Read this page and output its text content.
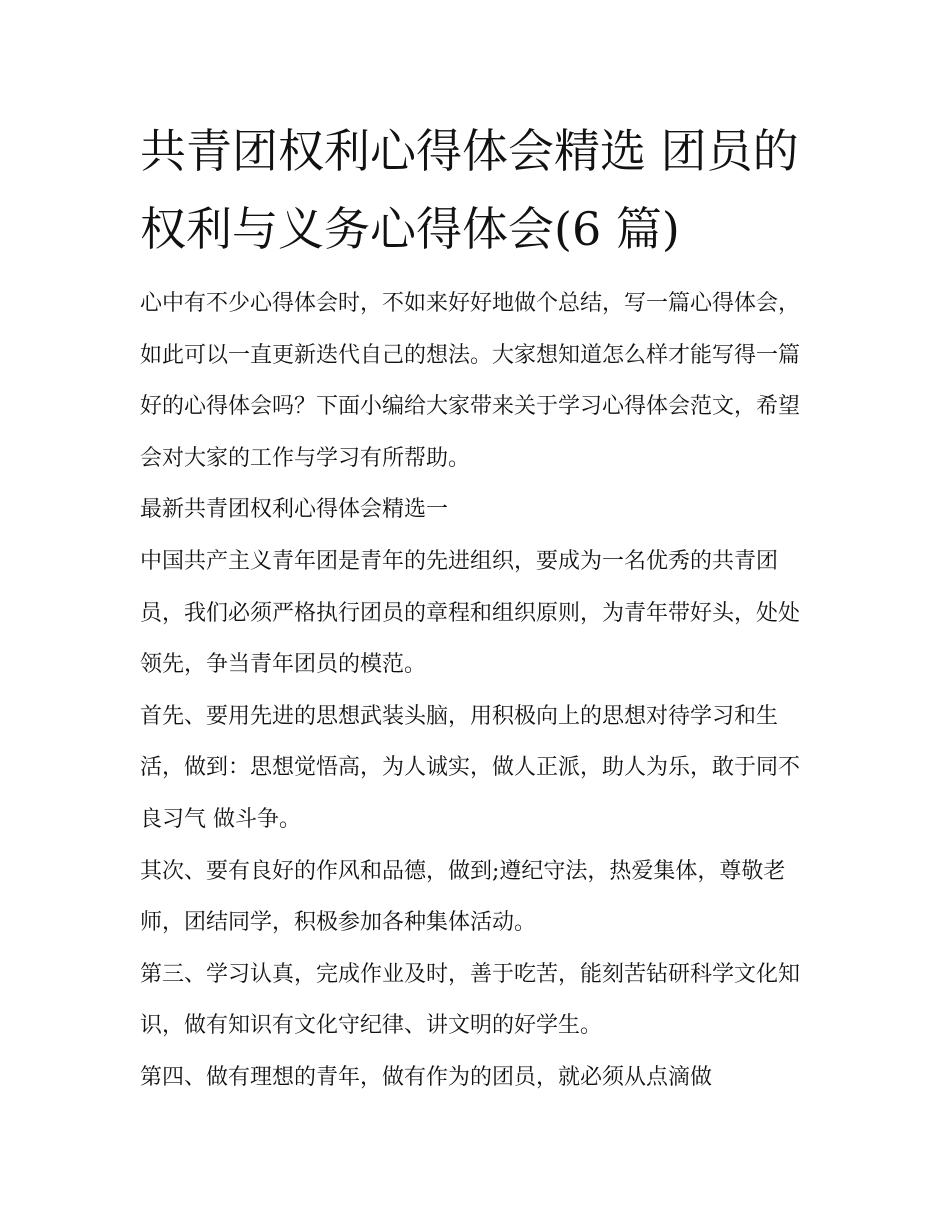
共青团权利心得体会精选 团员的权利与义务心得体会(6 篇)

心中有不少心得体会时，不如来好好地做个总结，写一篇心得体会，如此可以一直更新迭代自己的想法。大家想知道怎么样才能写得一篇好的心得体会吗？下面小编给大家带来关于学习心得体会范文，希望会对大家的工作与学习有所帮助。

最新共青团权利心得体会精选一

中国共产主义青年团是青年的先进组织，要成为一名优秀的共青团员，我们必须严格执行团员的章程和组织原则，为青年带好头，处处领先，争当青年团员的模范。

首先、要用先进的思想武装头脑，用积极向上的思想对待学习和生活，做到：思想觉悟高，为人诚实，做人正派，助人为乐，敢于同不良习气 做斗争。

其次、要有良好的作风和品德，做到;遵纪守法，热爱集体，尊敬老师，团结同学，积极参加各种集体活动。

第三、学习认真，完成作业及时，善于吃苦，能刻苦钻研科学文化知识，做有知识有文化守纪律、讲文明的好学生。

第四、做有理想的青年，做有作为的团员，就必须从点滴做
